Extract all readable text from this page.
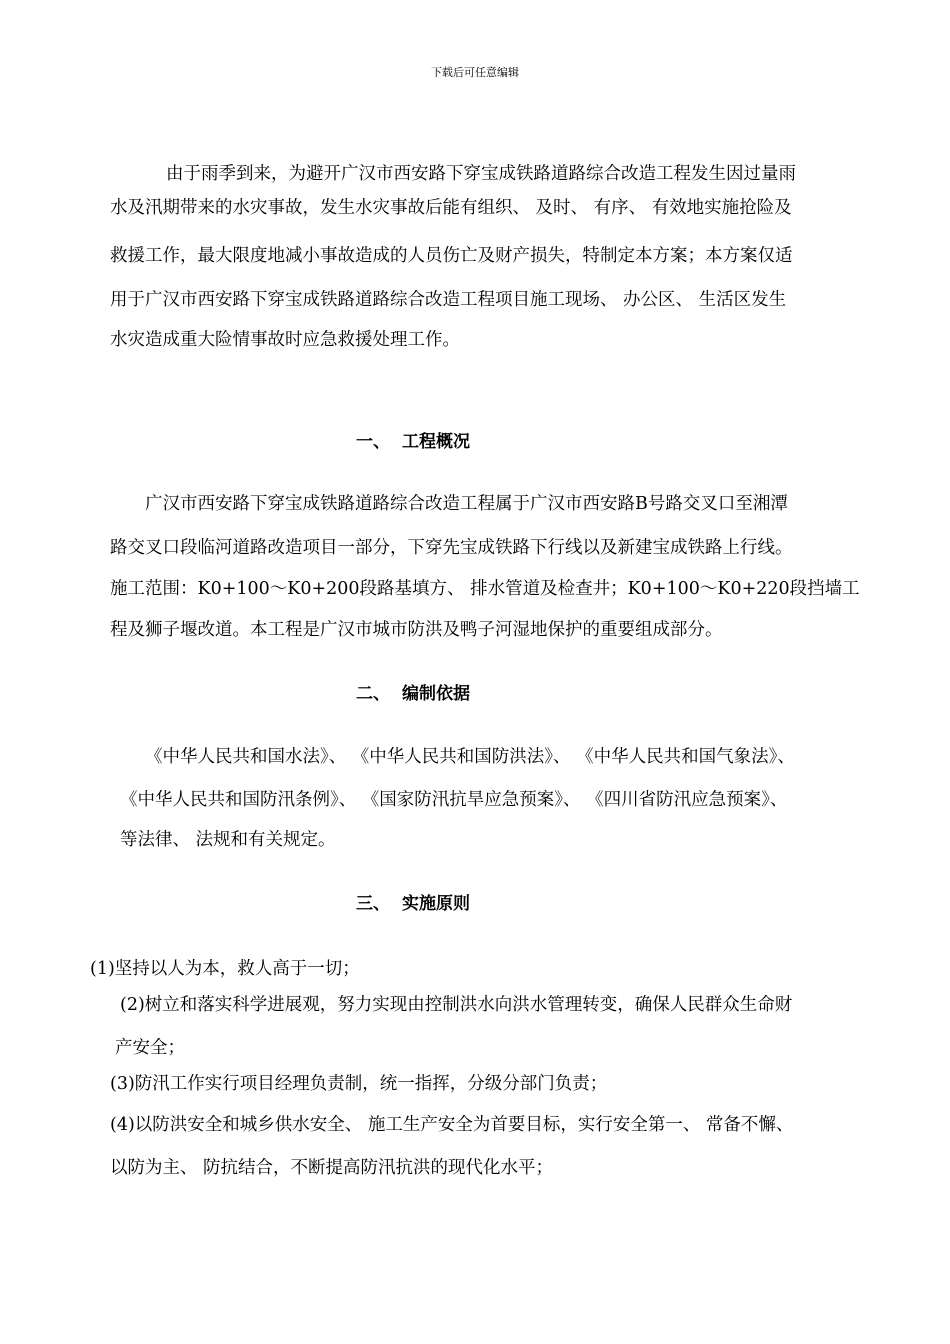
下载后可任意编辑
由于雨季到来，为避开广汉市西安路下穿宝成铁路道路综合改造工程发生因过量雨
水及汛期带来的水灾事故，发生水灾事故后能有组织、 及时、 有序、 有效地实施抢险及
救援工作，最大限度地减小事故造成的人员伤亡及财产损失，特制定本方案；本方案仅适
用于广汉市西安路下穿宝成铁路道路综合改造工程项目施工现场、 办公区、 生活区发生
水灾造成重大险情事故时应急救援处理工作。
一、 工程概况
广汉市西安路下穿宝成铁路道路综合改造工程属于广汉市西安路B号路交叉口至湘潭
路交叉口段临河道路改造项目一部分，下穿先宝成铁路下行线以及新建宝成铁路上行线。
施工范围：K0+100～K0+200段路基填方、 排水管道及检查井；K0+100～K0+220段挡墙工
程及狮子堰改道。本工程是广汉市城市防洪及鸭子河湿地保护的重要组成部分。
二、 编制依据
《中华人民共和国水法》、 《中华人民共和国防洪法》、 《中华人民共和国气象法》、
《中华人民共和国防汛条例》、 《国家防汛抗旱应急预案》、 《四川省防汛应急预案》、
等法律、 法规和有关规定。
三、 实施原则
(1)坚持以人为本，救人高于一切；
(2)树立和落实科学进展观，努力实现由控制洪水向洪水管理转变，确保人民群众生命财
产安全；
(3)防汛工作实行项目经理负责制，统一指挥，分级分部门负责；
(4)以防洪安全和城乡供水安全、 施工生产安全为首要目标，实行安全第一、 常备不懈、
以防为主、 防抗结合，不断提高防汛抗洪的现代化水平；
